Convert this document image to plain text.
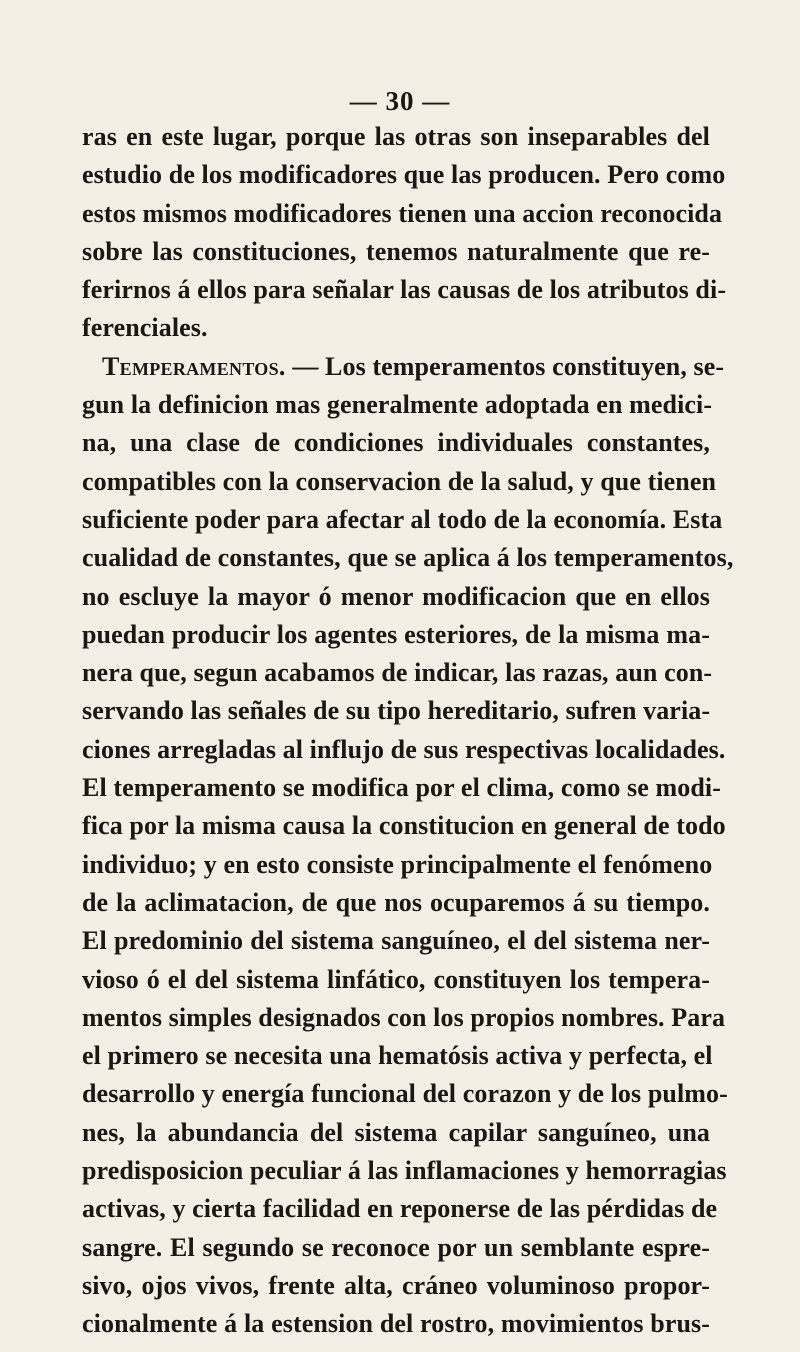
— 30 —
ras en este lugar, porque las otras son inseparables del
estudio de los modificadores que las producen. Pero como
estos mismos modificadores tienen una accion reconocida
sobre las constituciones, tenemos naturalmente que re-
ferirnos á ellos para señalar las causas de los atributos di-
ferenciales.
Temperamentos. — Los temperamentos constituyen, se-
gun la definicion mas generalmente adoptada en medici-
na, una clase de condiciones individuales constantes,
compatibles con la conservacion de la salud, y que tienen
suficiente poder para afectar al todo de la economía. Esta
cualidad de constantes, que se aplica á los temperamentos,
no escluye la mayor ó menor modificacion que en ellos
puedan producir los agentes esteriores, de la misma ma-
nera que, segun acabamos de indicar, las razas, aun con-
servando las señales de su tipo hereditario, sufren varia-
ciones arregladas al influjo de sus respectivas localidades.
El temperamento se modifica por el clima, como se modi-
fica por la misma causa la constitucion en general de todo
individuo; y en esto consiste principalmente el fenómeno
de la aclimatacion, de que nos ocuparemos á su tiempo.
El predominio del sistema sanguíneo, el del sistema ner-
vioso ó el del sistema linfático, constituyen los tempera-
mentos simples designados con los propios nombres. Para
el primero se necesita una hematósis activa y perfecta, el
desarrollo y energía funcional del corazon y de los pulmo-
nes, la abundancia del sistema capilar sanguíneo, una
predisposicion peculiar á las inflamaciones y hemorragias
activas, y cierta facilidad en reponerse de las pérdidas de
sangre. El segundo se reconoce por un semblante espre-
sivo, ojos vivos, frente alta, cráneo voluminoso propor-
cionalmente á la estension del rostro, movimientos brus-
